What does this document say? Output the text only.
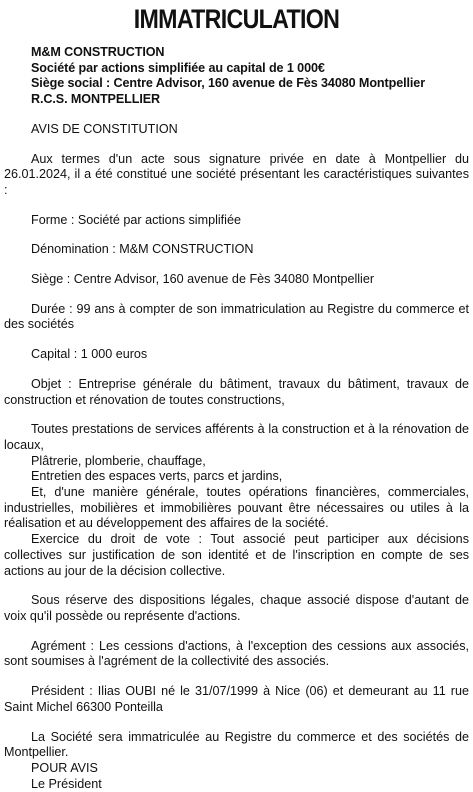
IMMATRICULATION

M&M CONSTRUCTION

Société par actions simplifiée au capital de 1 000€

Siège social : Centre Advisor, 160 avenue de Fès 34080 Montpellier

R.C.S. MONTPELLIER

AVIS DE CONSTITUTION

Aux termes d'un acte sous signature privée en date à Montpellier du 26.01.2024, il a été constitué une société présentant les caractéristiques suivantes :

Forme : Société par actions simplifiée

Dénomination : M&M CONSTRUCTION

Siège : Centre Advisor, 160 avenue de Fès 34080 Montpellier

Durée : 99 ans à compter de son immatriculation au Registre du commerce et des sociétés

Capital : 1 000 euros

Objet : Entreprise générale du bâtiment, travaux du bâtiment, travaux de construction et rénovation de toutes constructions,

Toutes prestations de services afférents à la construction et à la rénovation de locaux,

Plâtrerie, plomberie, chauffage,

Entretien des espaces verts, parcs et jardins,

Et, d'une manière générale, toutes opérations financières, commerciales, industrielles, mobilières et immobilières pouvant être nécessaires ou utiles à la réalisation et au développement des affaires de la société.

Exercice du droit de vote : Tout associé peut participer aux décisions collectives sur justification de son identité et de l'inscription en compte de ses actions au jour de la décision collective.

Sous réserve des dispositions légales, chaque associé dispose d'autant de voix qu'il possède ou représente d'actions.

Agrément : Les cessions d'actions, à l'exception des cessions aux associés, sont soumises à l'agrément de la collectivité des associés.

Président : Ilias OUBI né le 31/07/1999 à Nice (06) et demeurant au 11 rue Saint Michel 66300 Ponteilla

La Société sera immatriculée au Registre du commerce et des sociétés de Montpellier.

POUR AVIS

Le Président
